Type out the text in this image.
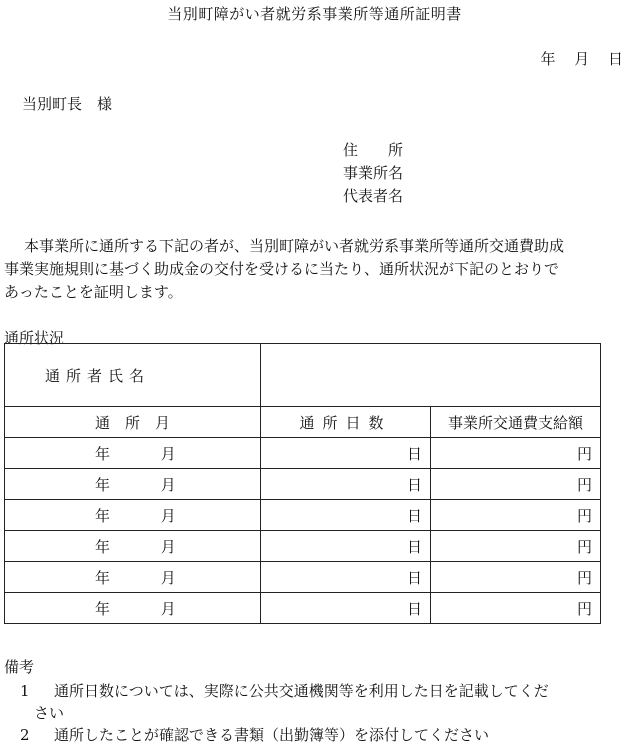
当別町障がい者就労系事業所等通所証明書
年 月 日
当別町長　様
住　　所
事業所名
代表者名
本事業所に通所する下記の者が、当別町障がい者就労系事業所等通所交通費助成
事業実施規則に基づく助成金の交付を受けるに当たり、通所状況が下記のとおりで
あったことを証明します。
通所状況
通所者氏名		
通　所　月	通所日数	事業所交通費支給額
年 月	日	円
年 月	日	円
年 月	日	円
年 月	日	円
年 月	日	円
年 月	日	円
備考
1 通所日数については、実際に公共交通機関等を利用した日を記載してくだ
さい
2 通所したことが確認できる書類（出勤簿等）を添付してください
